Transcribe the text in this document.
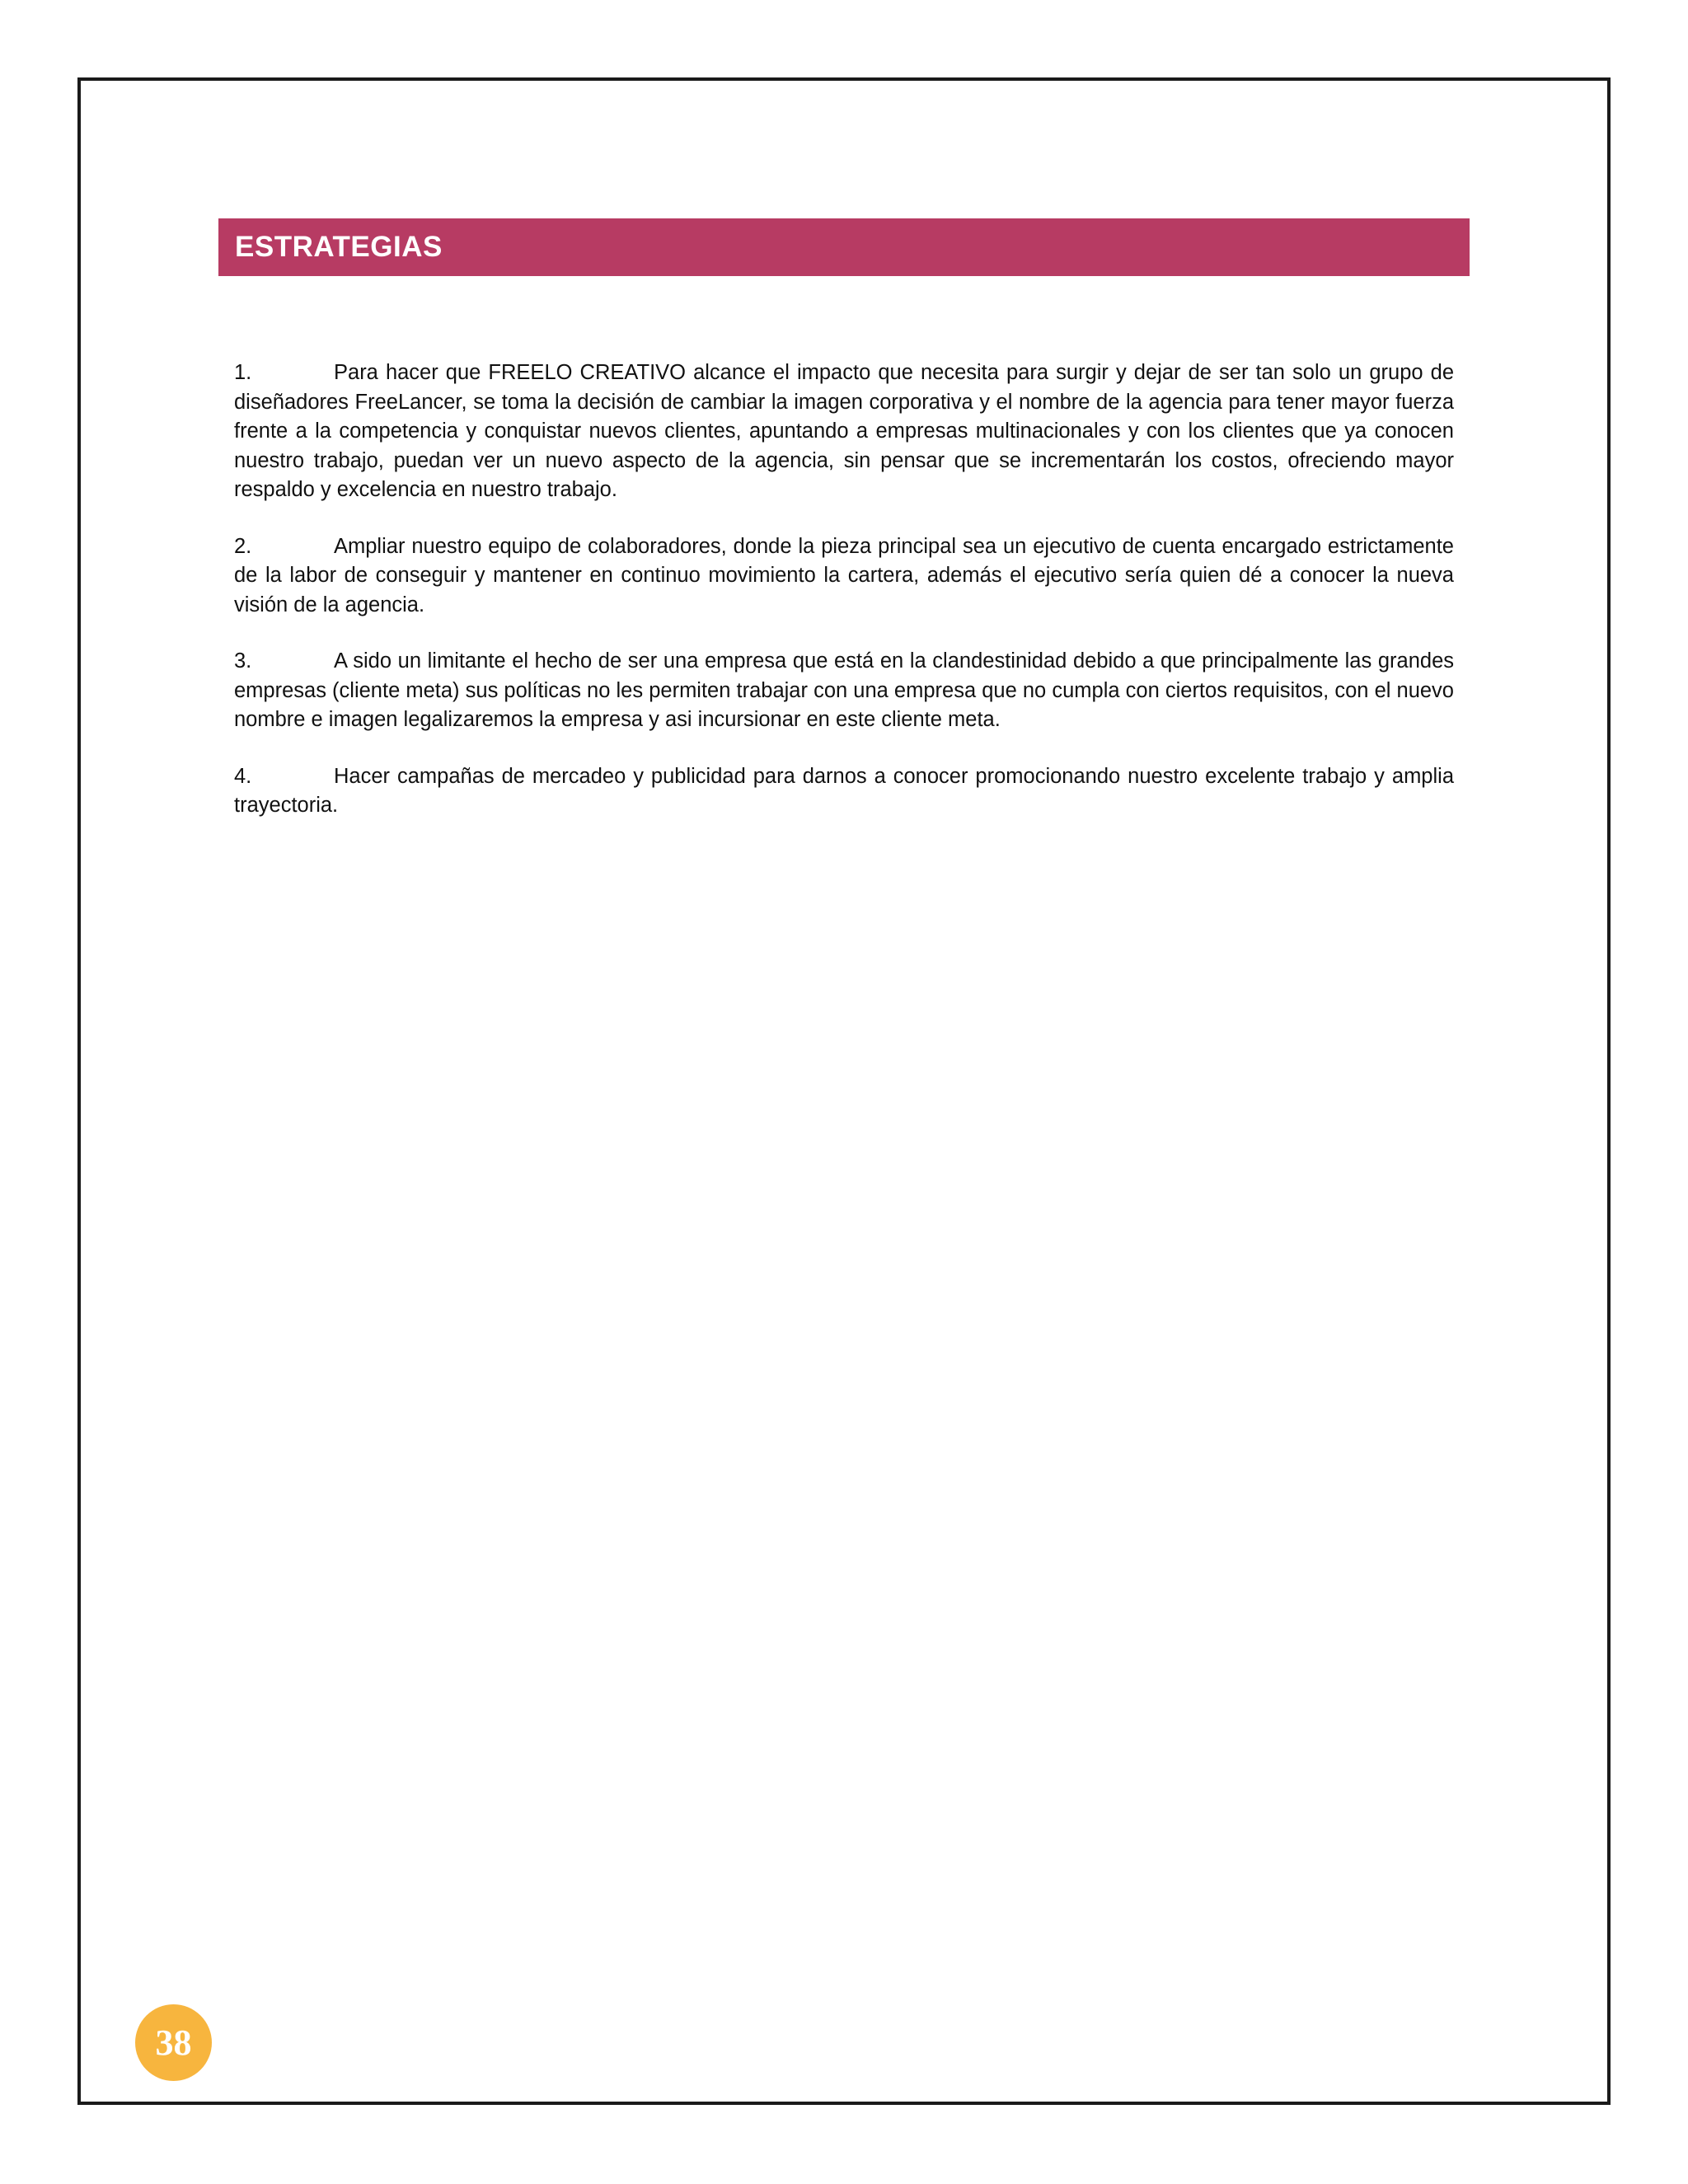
ESTRATEGIAS

1.	Para hacer que FREELO CREATIVO alcance el impacto que necesita para surgir y dejar de ser tan solo un grupo de diseñadores FreeLancer, se toma la decisión de cambiar la imagen corporativa y el nombre de la agencia para tener mayor fuerza frente a la competencia y conquistar nuevos clientes, apuntando a empresas multinacionales y con los clientes que ya conocen nuestro trabajo, puedan ver un nuevo aspecto de la agencia, sin pensar que se incrementarán los costos, ofreciendo mayor respaldo y excelencia en nuestro trabajo.

2.	Ampliar nuestro equipo de colaboradores, donde la pieza principal sea un ejecutivo de cuenta encargado estrictamente de la labor de conseguir y mantener en continuo movimiento la cartera, además el ejecutivo sería quien dé a conocer la nueva visión de la agencia.

3.	A sido un limitante el hecho de ser una empresa que está en la clandestinidad debido a que principalmente las grandes empresas (cliente meta) sus políticas no les permiten trabajar con una empresa que no cumpla con ciertos requisitos, con el nuevo nombre e imagen legalizaremos la empresa y asi incursionar en este cliente meta.

4.	Hacer campañas de mercadeo y publicidad para darnos a conocer promocionando nuestro excelente trabajo y amplia trayectoria.

38
